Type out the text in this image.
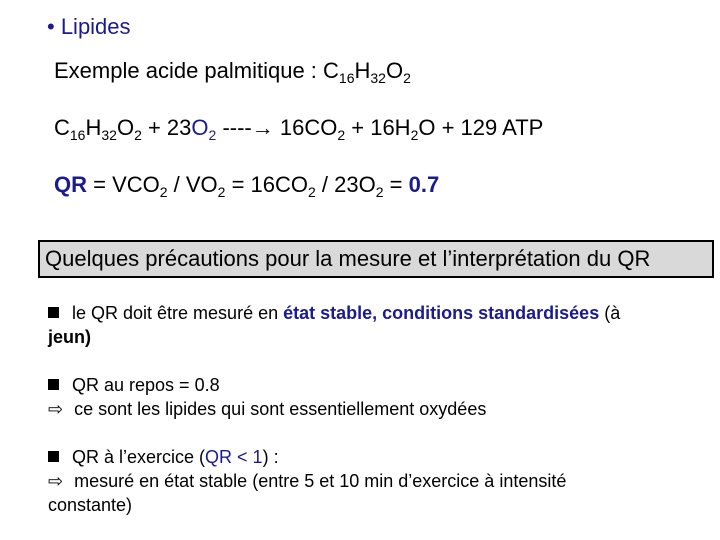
• Lipides
Exemple acide palmitique : $C_{16}H_{32}O_2$
$C_{16}H_{32}O_2 + 23O_2$ ----→ $16CO_2 + 16H_2O + 129$ ATP
QR = $VCO_2 / VO_2 = 16CO_2 / 23O_2 = 0.7$
Quelques précautions pour la mesure et l’interprétation du QR
le QR doit être mesuré en état stable, conditions standardisées (à
jeun)
QR au repos = 0.8
⇨ ce sont les lipides qui sont essentiellement oxydées
QR à l’exercice (QR < 1) :
⇨ mesuré en état stable (entre 5 et 10 min d’exercice à intensité
constante)
